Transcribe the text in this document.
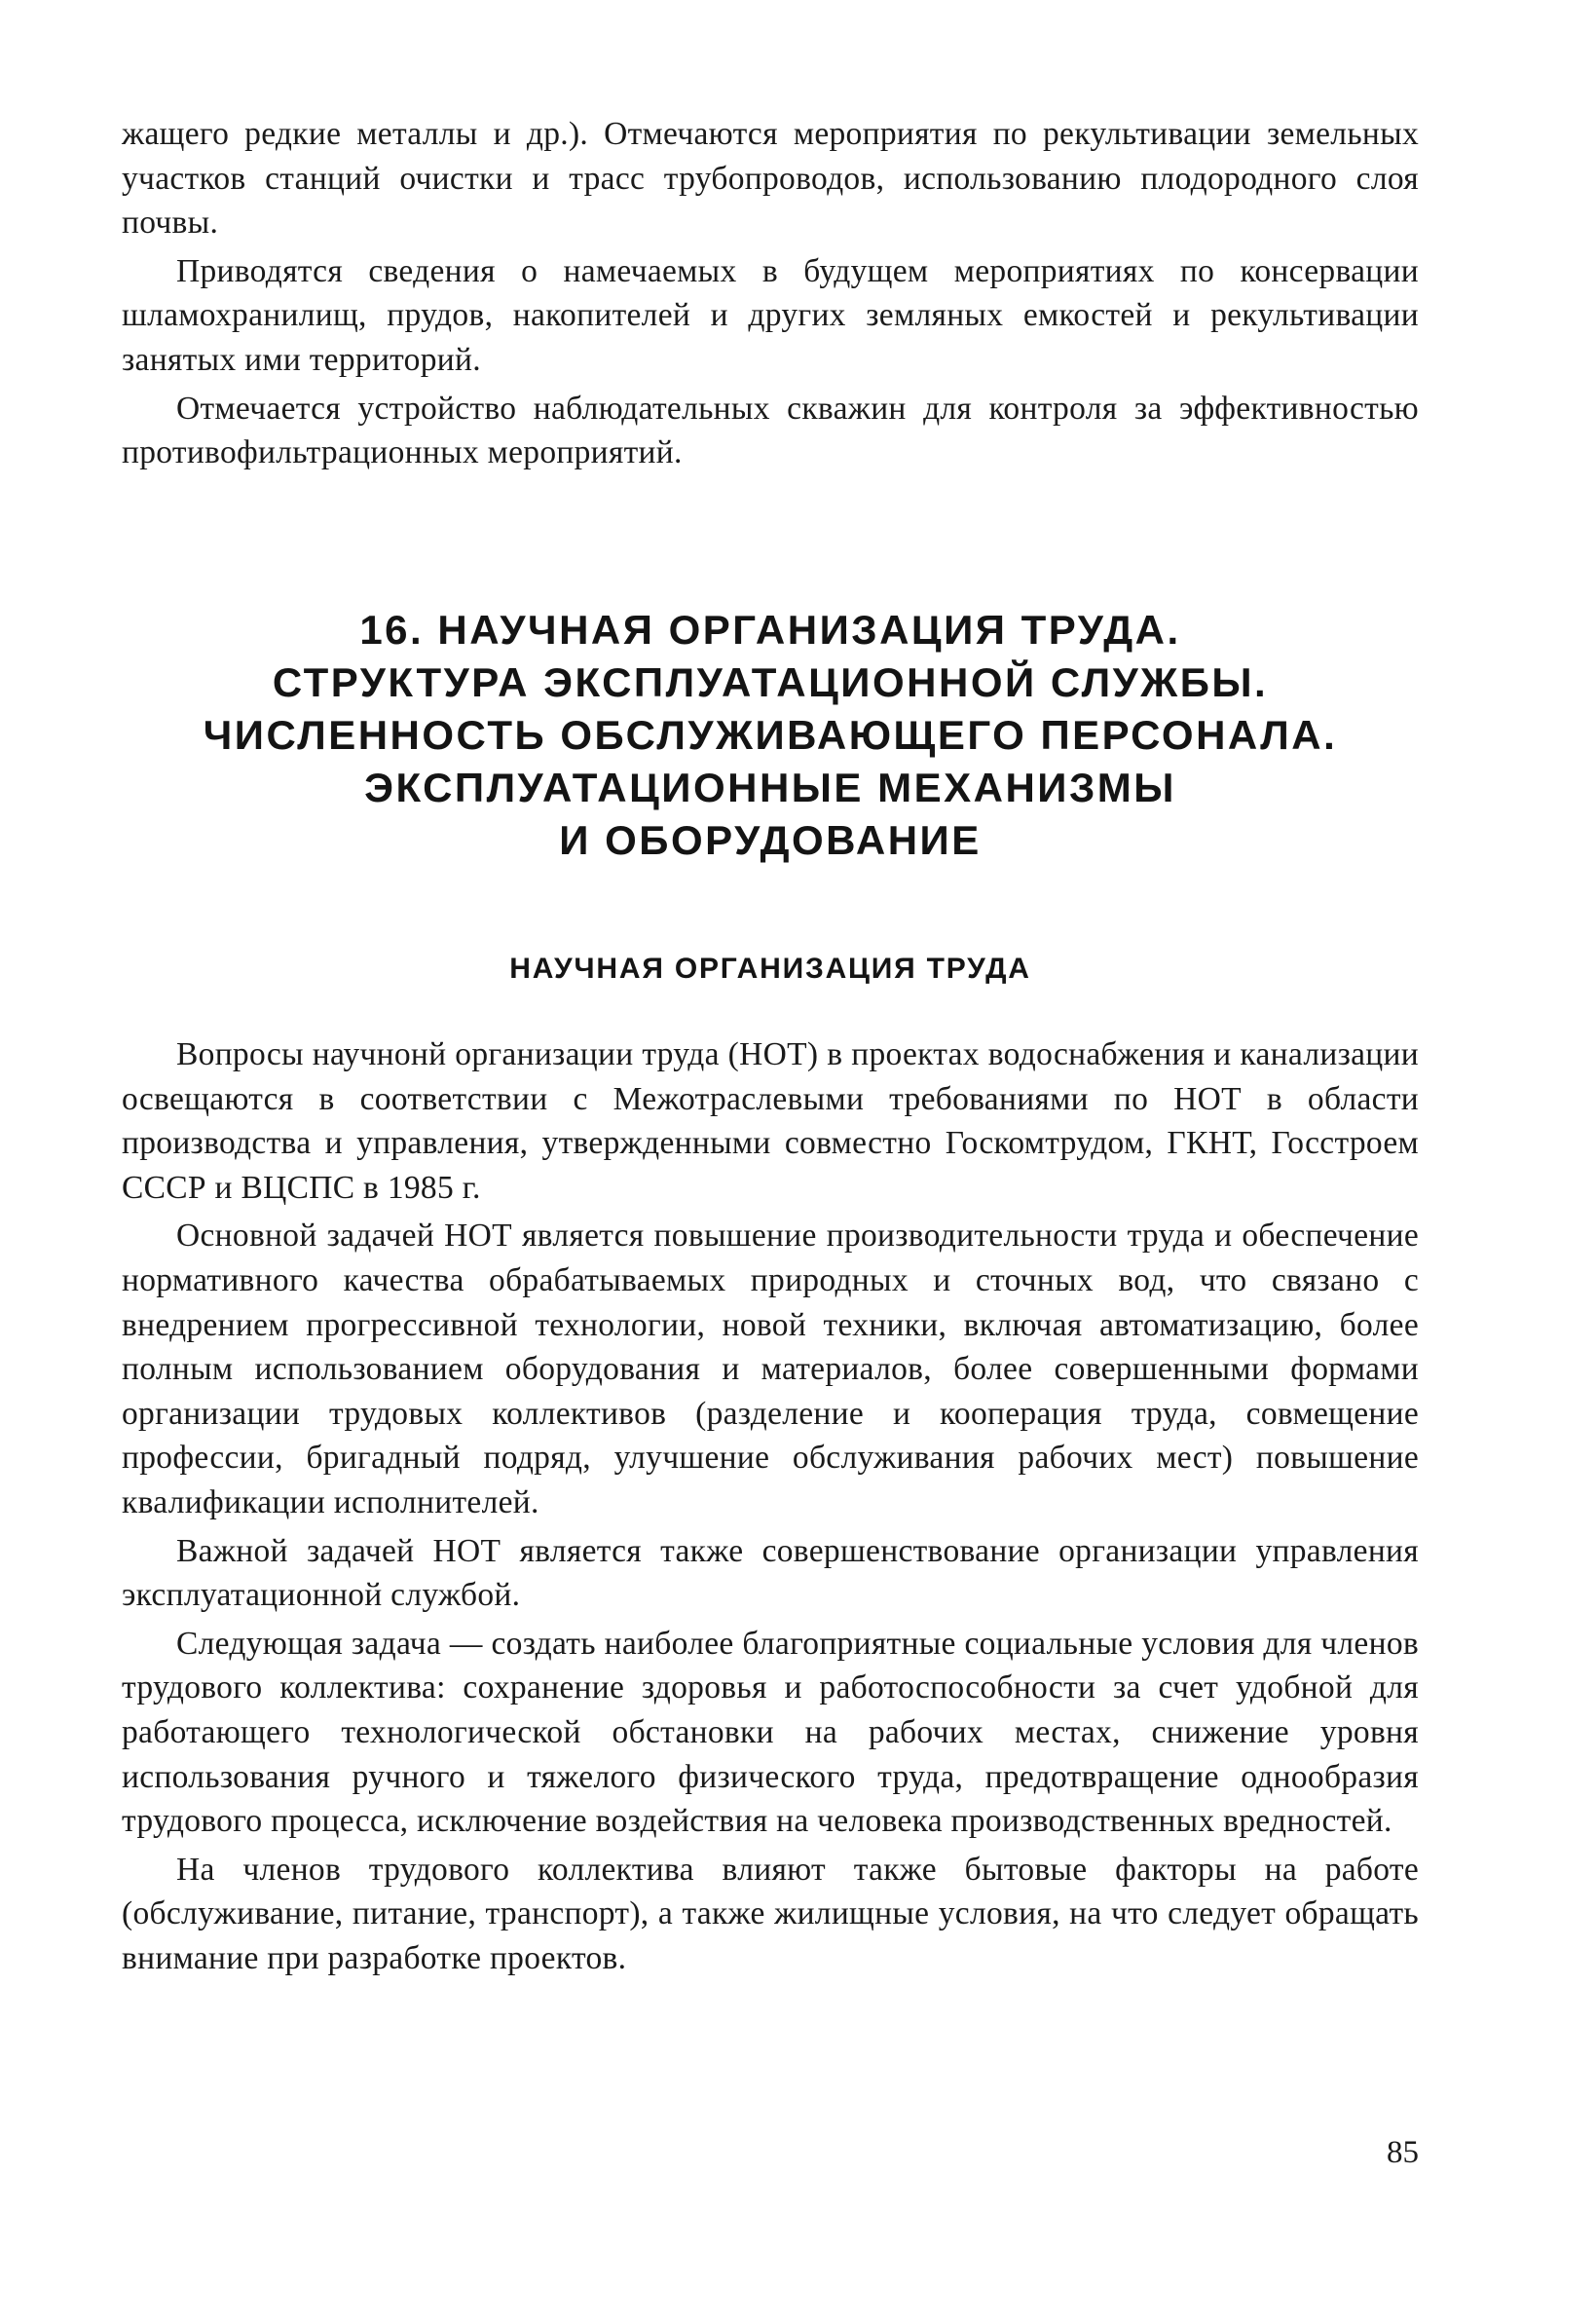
жащего редкие металлы и др.). Отмечаются мероприятия по рекультивации земельных участков станций очистки и трасс трубопроводов, использованию плодородного слоя почвы.

Приводятся сведения о намечаемых в будущем мероприятиях по консервации шламохранилищ, прудов, накопителей и других земляных емкостей и рекультивации занятых ими территорий.

Отмечается устройство наблюдательных скважин для контроля за эффективностью противофильтрационных мероприятий.

16. НАУЧНАЯ ОРГАНИЗАЦИЯ ТРУДА.
СТРУКТУРА ЭКСПЛУАТАЦИОННОЙ СЛУЖБЫ.
ЧИСЛЕННОСТЬ ОБСЛУЖИВАЮЩЕГО ПЕРСОНАЛА.
ЭКСПЛУАТАЦИОННЫЕ МЕХАНИЗМЫ
И ОБОРУДОВАНИЕ
НАУЧНАЯ ОРГАНИЗАЦИЯ ТРУДА

Вопросы научнонй организации труда (НОТ) в проектах водоснабжения и канализации освещаются в соответствии с Межотраслевыми требованиями по НОТ в области производства и управления, утвержденными совместно Госкомтрудом, ГКНТ, Госстроем СССР и ВЦСПС в 1985 г.

Основной задачей НОТ является повышение производительности труда и обеспечение нормативного качества обрабатываемых природных и сточных вод, что связано с внедрением прогрессивной технологии, новой техники, включая автоматизацию, более полным использованием оборудования и материалов, более совершенными формами организации трудовых коллективов (разделение и кооперация труда, совмещение профессии, бригадный подряд, улучшение обслуживания рабочих мест) повышение квалификации исполнителей.

Важной задачей НОТ является также совершенствование организации управления эксплуатационной службой.

Следующая задача — создать наиболее благоприятные социальные условия для членов трудового коллектива: сохранение здоровья и работоспособности за счет удобной для работающего технологической обстановки на рабочих местах, снижение уровня использования ручного и тяжелого физического труда, предотвращение однообразия трудового процесса, исключение воздействия на человека производственных вредностей.

На членов трудового коллектива влияют также бытовые факторы на работе (обслуживание, питание, транспорт), а также жилищные условия, на что следует обращать внимание при разработке проектов.

85
